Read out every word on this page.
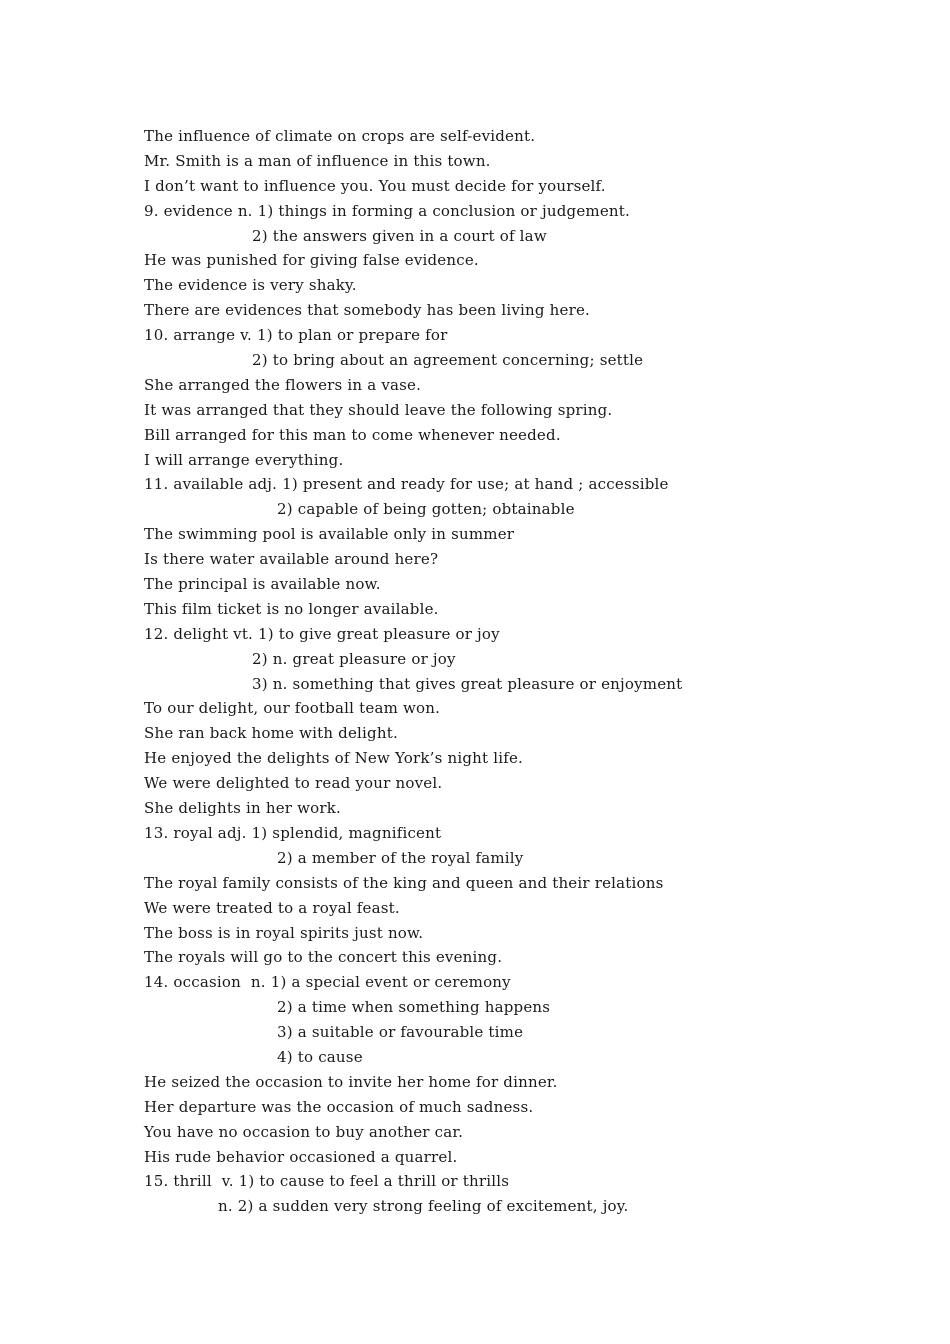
The influence of climate on crops are self-evident.
Mr. Smith is a man of influence in this town.
I don’t want to influence you. You must decide for yourself.
9. evidence n. 1) things in forming a conclusion or judgement.
2) the answers given in a court of law
He was punished for giving false evidence.
The evidence is very shaky.
There are evidences that somebody has been living here.
10. arrange v. 1) to plan or prepare for
2) to bring about an agreement concerning; settle
She arranged the flowers in a vase.
It was arranged that they should leave the following spring.
Bill arranged for this man to come whenever needed.
I will arrange everything.
11. available adj. 1) present and ready for use; at hand ; accessible
2) capable of being gotten; obtainable
The swimming pool is available only in summer
Is there water available around here?
The principal is available now.
This film ticket is no longer available.
12. delight vt. 1) to give great pleasure or joy
2) n. great pleasure or joy
3) n. something that gives great pleasure or enjoyment
To our delight, our football team won.
She ran back home with delight.
He enjoyed the delights of New York’s night life.
We were delighted to read your novel.
She delights in her work.
13. royal adj. 1) splendid, magnificent
2) a member of the royal family
The royal family consists of the king and queen and their relations
We were treated to a royal feast.
The boss is in royal spirits just now.
The royals will go to the concert this evening.
14. occasion  n. 1) a special event or ceremony
2) a time when something happens
3) a suitable or favourable time
4) to cause
He seized the occasion to invite her home for dinner.
Her departure was the occasion of much sadness.
You have no occasion to buy another car.
His rude behavior occasioned a quarrel.
15. thrill  v. 1) to cause to feel a thrill or thrills
n. 2) a sudden very strong feeling of excitement, joy.
